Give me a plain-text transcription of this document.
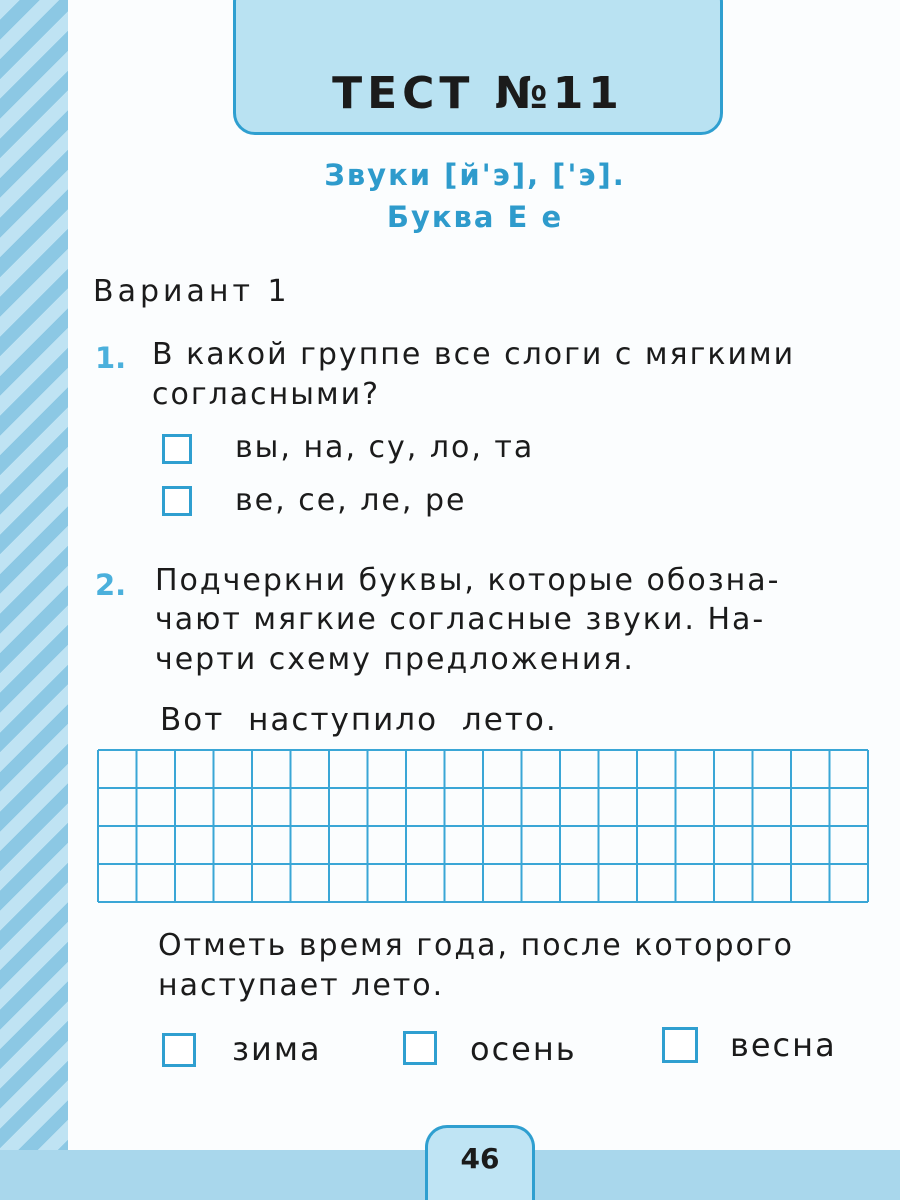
ТЕСТ №11
Звуки [й'э], ['э].
Буква Е е
Вариант 1
1. В какой группе все слоги с мягкими
согласными?
вы, на, су, ло, та
ве, се, ле, ре
2. Подчеркни буквы, которые обозна-
чают мягкие согласные звуки. На-
черти схему предложения.
Вот наступило лето.
Отметь время года, после которого
наступает лето.
зима	осень	весна
46
